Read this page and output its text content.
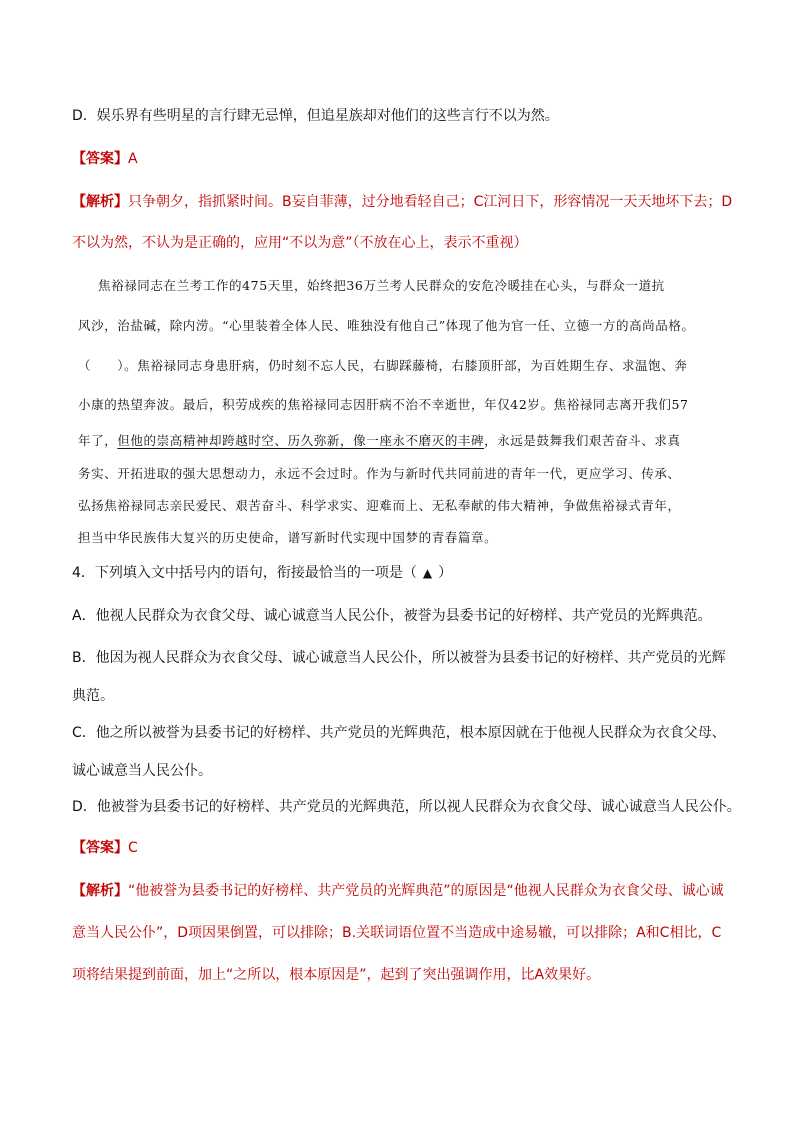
D．娱乐界有些明星的言行肆无忌惮，但追星族却对他们的这些言行不以为然。
【答案】A
【解析】只争朝夕，指抓紧时间。B妄自菲薄，过分地看轻自己；C江河日下，形容情况一天天地坏下去；D
不以为然，不认为是正确的，应用“不以为意”（不放在心上，表示不重视）
焦裕禄同志在兰考工作的475天里，始终把36万兰考人民群众的安危冷暖挂在心头，与群众一道抗
风沙，治盐碱，除内涝。“心里装着全体人民、唯独没有他自己”体现了他为官一任、立德一方的高尚品格。
（　　）。焦裕禄同志身患肝病，仍时刻不忘人民，右脚踩藤椅，右膝顶肝部，为百姓期生存、求温饱、奔
小康的热望奔波。最后，积劳成疾的焦裕禄同志因肝病不治不幸逝世，年仅42岁。焦裕禄同志离开我们57
年了，但他的崇高精神却跨越时空、历久弥新，像一座永不磨灭的丰碑，永远是鼓舞我们艰苦奋斗、求真
务实、开拓进取的强大思想动力，永远不会过时。作为与新时代共同前进的青年一代，更应学习、传承、
弘扬焦裕禄同志亲民爱民、艰苦奋斗、科学求实、迎难而上、无私奉献的伟大精神，争做焦裕禄式青年，
担当中华民族伟大复兴的历史使命，谱写新时代实现中国梦的青春篇章。
4．下列填入文中括号内的语句，衔接最恰当的一项是（ ▲ ）
A．他视人民群众为衣食父母、诚心诚意当人民公仆，被誉为县委书记的好榜样、共产党员的光辉典范。
B．他因为视人民群众为衣食父母、诚心诚意当人民公仆，所以被誉为县委书记的好榜样、共产党员的光辉
典范。
C．他之所以被誉为县委书记的好榜样、共产党员的光辉典范，根本原因就在于他视人民群众为衣食父母、
诚心诚意当人民公仆。
D．他被誉为县委书记的好榜样、共产党员的光辉典范，所以视人民群众为衣食父母、诚心诚意当人民公仆。
【答案】C
【解析】“他被誉为县委书记的好榜样、共产党员的光辉典范”的原因是“他视人民群众为衣食父母、诚心诚
意当人民公仆”，D项因果倒置，可以排除；B.关联词语位置不当造成中途易辙，可以排除；A和C相比，C
项将结果提到前面，加上“之所以，根本原因是”，起到了突出强调作用，比A效果好。
